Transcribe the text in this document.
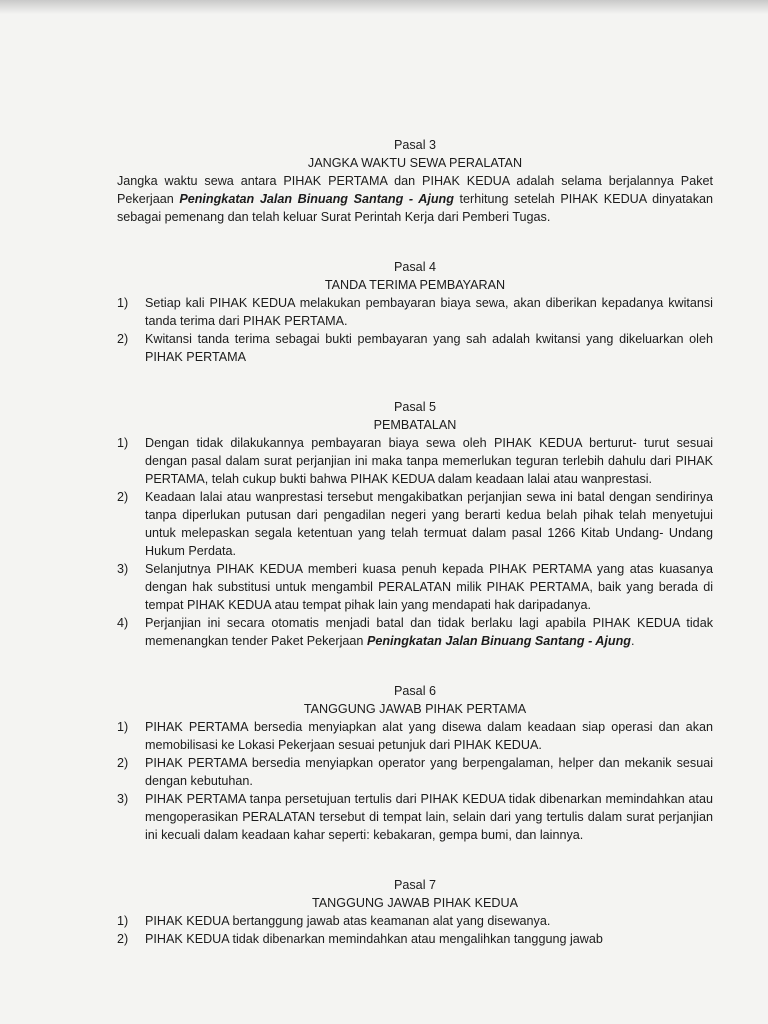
Pasal 3
JANGKA WAKTU SEWA PERALATAN
Jangka waktu sewa antara PIHAK PERTAMA dan PIHAK KEDUA adalah selama berjalannya Paket Pekerjaan Peningkatan Jalan Binuang Santang - Ajung terhitung setelah PIHAK KEDUA dinyatakan sebagai pemenang dan telah keluar Surat Perintah Kerja dari Pemberi Tugas.
Pasal 4
TANDA TERIMA PEMBAYARAN
1) Setiap kali PIHAK KEDUA melakukan pembayaran biaya sewa, akan diberikan kepadanya kwitansi tanda terima dari PIHAK PERTAMA.
2) Kwitansi tanda terima sebagai bukti pembayaran yang sah adalah kwitansi yang dikeluarkan oleh PIHAK PERTAMA
Pasal 5
PEMBATALAN
1) Dengan tidak dilakukannya pembayaran biaya sewa oleh PIHAK KEDUA berturut- turut sesuai dengan pasal dalam surat perjanjian ini maka tanpa memerlukan teguran terlebih dahulu dari PIHAK PERTAMA, telah cukup bukti bahwa PIHAK KEDUA dalam keadaan lalai atau wanprestasi.
2) Keadaan lalai atau wanprestasi tersebut mengakibatkan perjanjian sewa ini batal dengan sendirinya tanpa diperlukan putusan dari pengadilan negeri yang berarti kedua belah pihak telah menyetujui untuk melepaskan segala ketentuan yang telah termuat dalam pasal 1266 Kitab Undang- Undang Hukum Perdata.
3) Selanjutnya PIHAK KEDUA memberi kuasa penuh kepada PIHAK PERTAMA yang atas kuasanya dengan hak substitusi untuk mengambil PERALATAN milik PIHAK PERTAMA, baik yang berada di tempat PIHAK KEDUA atau tempat pihak lain yang mendapati hak daripadanya.
4) Perjanjian ini secara otomatis menjadi batal dan tidak berlaku lagi apabila PIHAK KEDUA tidak memenangkan tender Paket Pekerjaan Peningkatan Jalan Binuang Santang - Ajung.
Pasal 6
TANGGUNG JAWAB PIHAK PERTAMA
1) PIHAK PERTAMA bersedia menyiapkan alat yang disewa dalam keadaan siap operasi dan akan memobilisasi ke Lokasi Pekerjaan sesuai petunjuk dari PIHAK KEDUA.
2) PIHAK PERTAMA bersedia menyiapkan operator yang berpengalaman, helper dan mekanik sesuai dengan kebutuhan.
3) PIHAK PERTAMA tanpa persetujuan tertulis dari PIHAK KEDUA tidak dibenarkan memindahkan atau mengoperasikan PERALATAN tersebut di tempat lain, selain dari yang tertulis dalam surat perjanjian ini kecuali dalam keadaan kahar seperti: kebakaran, gempa bumi, dan lainnya.
Pasal 7
TANGGUNG JAWAB PIHAK KEDUA
1) PIHAK KEDUA bertanggung jawab atas keamanan alat yang disewanya.
2) PIHAK KEDUA tidak dibenarkan memindahkan atau mengalihkan tanggung jawab
